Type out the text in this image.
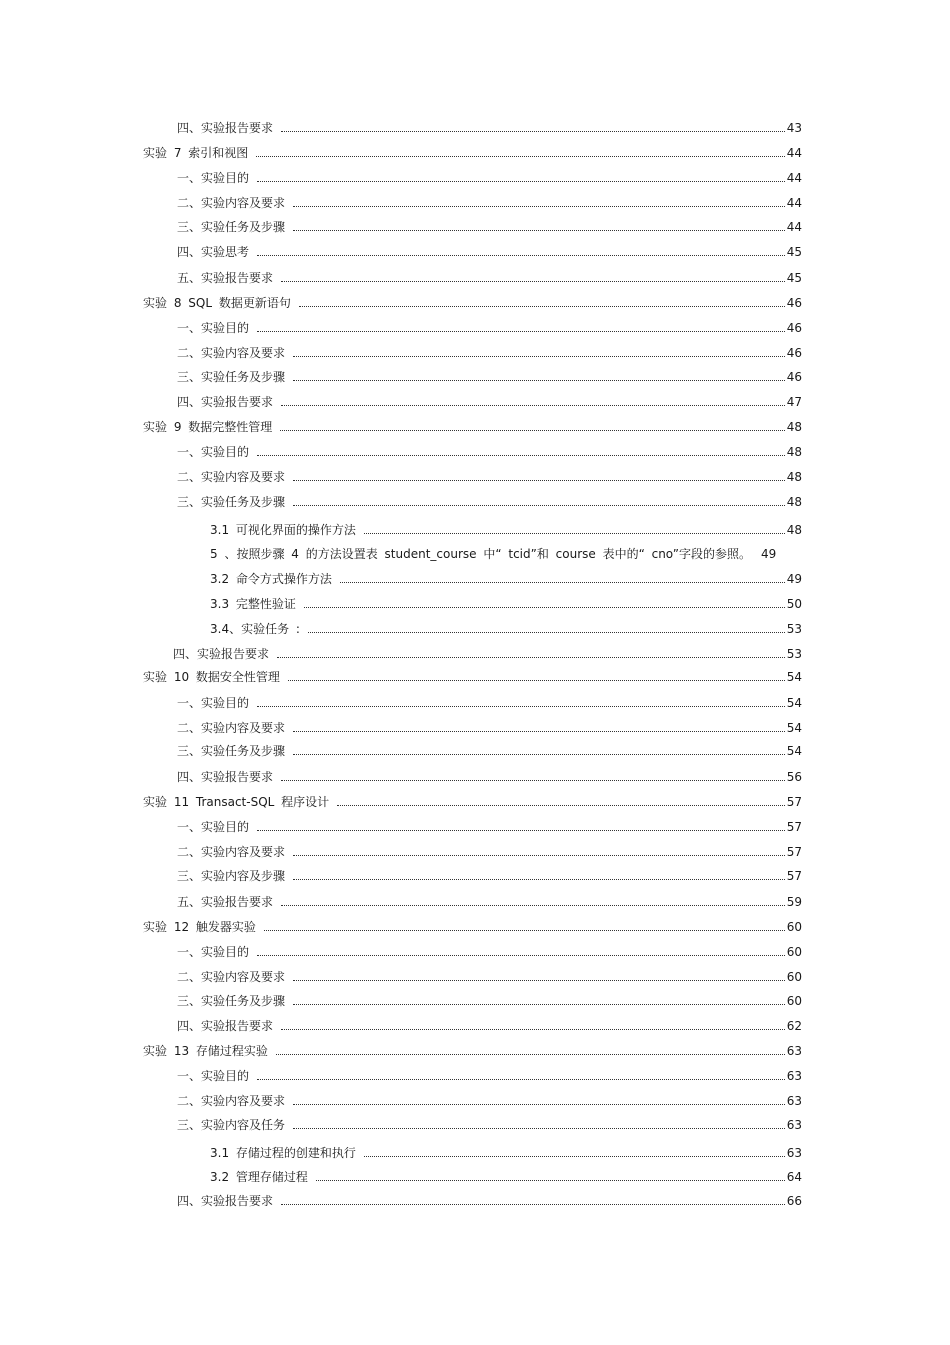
四、实验报告要求	43
实验 7 索引和视图	44
一、实验目的	44
二、实验内容及要求	44
三、实验任务及步骤	44
四、实验思考	45
五、实验报告要求	45
实验 8 SQL 数据更新语句	46
一、实验目的	46
二、实验内容及要求	46
三、实验任务及步骤	46
四、实验报告要求	47
实验 9 数据完整性管理	48
一、实验目的	48
二、实验内容及要求	48
三、实验任务及步骤	48
3.1 可视化界面的操作方法	48
5 、按照步骤 4 的方法设置表 student_course 中“ tcid”和 course 表中的“ cno”字段的参照。 49
3.2 命令方式操作方法	49
3.3 完整性验证	50
3.4、实验任务 :	53
四、实验报告要求	53
实验 10 数据安全性管理	54
一、实验目的	54
二、实验内容及要求	54
三、实验任务及步骤	54
四、实验报告要求	56
实验 11 Transact-SQL 程序设计	57
一、实验目的	57
二、实验内容及要求	57
三、实验内容及步骤	57
五、实验报告要求	59
实验 12 触发器实验	60
一、实验目的	60
二、实验内容及要求	60
三、实验任务及步骤	60
四、实验报告要求	62
实验 13 存储过程实验	63
一、实验目的	63
二、实验内容及要求	63
三、实验内容及任务	63
3.1 存储过程的创建和执行	63
3.2 管理存储过程	64
四、实验报告要求	66
